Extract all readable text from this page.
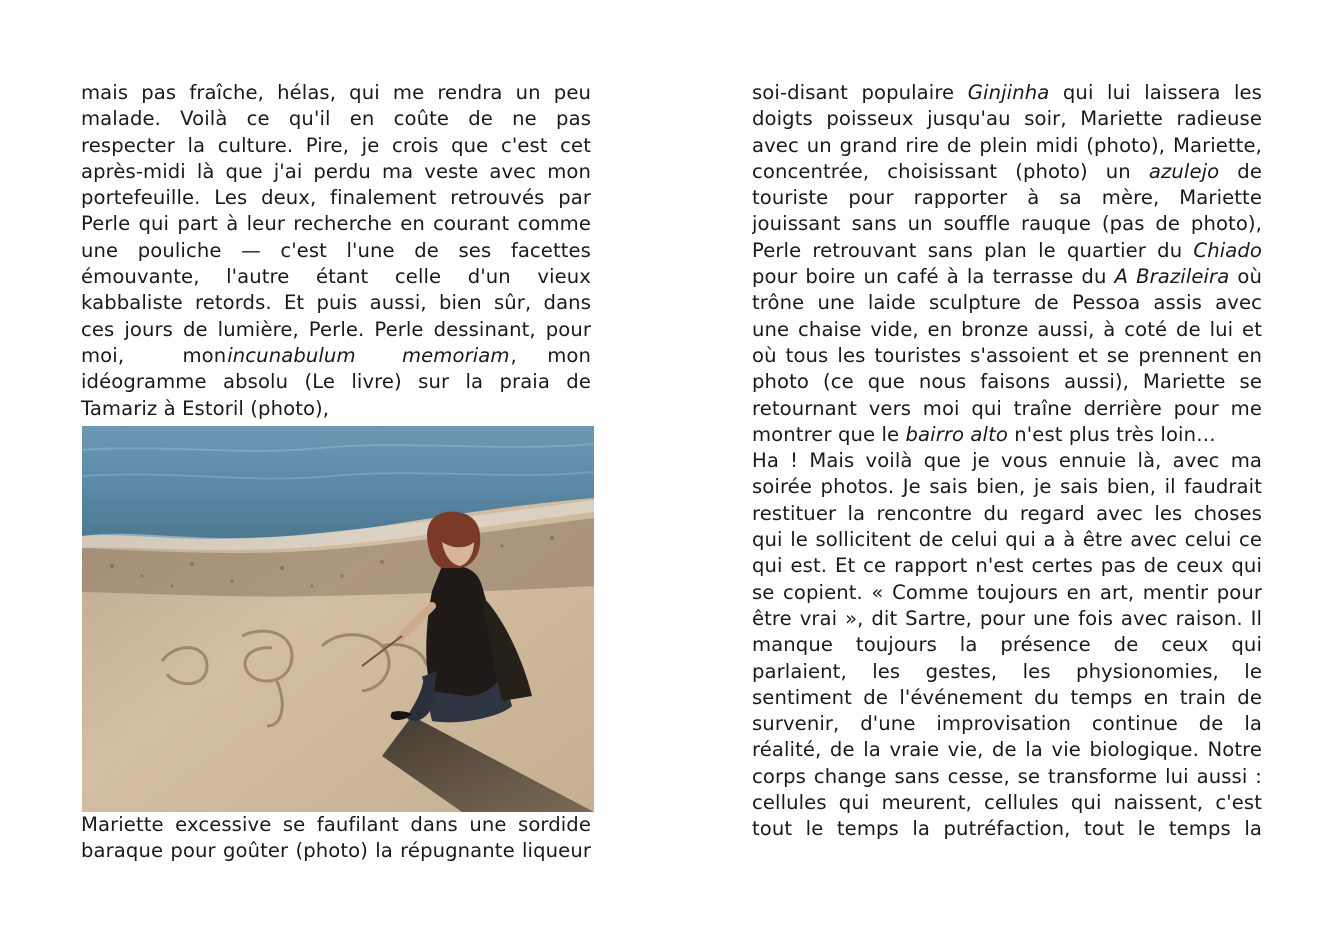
mais pas fraîche, hélas, qui me rendra un peu
malade. Voilà ce qu'il en coûte de ne pas
respecter la culture. Pire, je crois que c'est cet
après-midi là que j'ai perdu ma veste avec mon
portefeuille. Les deux, finalement retrouvés par
Perle qui part à leur recherche en courant comme
une pouliche — c'est l'une de ses facettes
émouvante, l'autre étant celle d'un vieux
kabbaliste retords. Et puis aussi, bien sûr, dans
ces jours de lumière, Perle. Perle dessinant, pour
moi, mon incunabulum memoriam , mon
idéogramme absolu (Le livre) sur la praia de
Tamariz à Estoril (photo),
Mariette excessive se faufilant dans une sordide
baraque pour goûter (photo) la répugnante liqueur
soi-disant populaire Ginjinha qui lui laissera les
doigts poisseux jusqu'au soir, Mariette radieuse
avec un grand rire de plein midi (photo), Mariette,
concentrée, choisissant (photo) un azulejo de
touriste pour rapporter à sa mère, Mariette
jouissant sans un souffle rauque (pas de photo),
Perle retrouvant sans plan le quartier du Chiado
pour boire un café à la terrasse du A Brazileira où
trône une laide sculpture de Pessoa assis avec
une chaise vide, en bronze aussi, à coté de lui et
où tous les touristes s'assoient et se prennent en
photo (ce que nous faisons aussi), Mariette se
retournant vers moi qui traîne derrière pour me
montrer que le bairro alto n'est plus très loin…
Ha ! Mais voilà que je vous ennuie là, avec ma
soirée photos. Je sais bien, je sais bien, il faudrait
restituer la rencontre du regard avec les choses
qui le sollicitent de celui qui a à être avec celui ce
qui est. Et ce rapport n'est certes pas de ceux qui
se copient. « Comme toujours en art, mentir pour
être vrai », dit Sartre, pour une fois avec raison. Il
manque toujours la présence de ceux qui
parlaient, les gestes, les physionomies, le
sentiment de l'événement du temps en train de
survenir, d'une improvisation continue de la
réalité, de la vraie vie, de la vie biologique. Notre
corps change sans cesse, se transforme lui aussi :
cellules qui meurent, cellules qui naissent, c'est
tout le temps la putréfaction, tout le temps la
